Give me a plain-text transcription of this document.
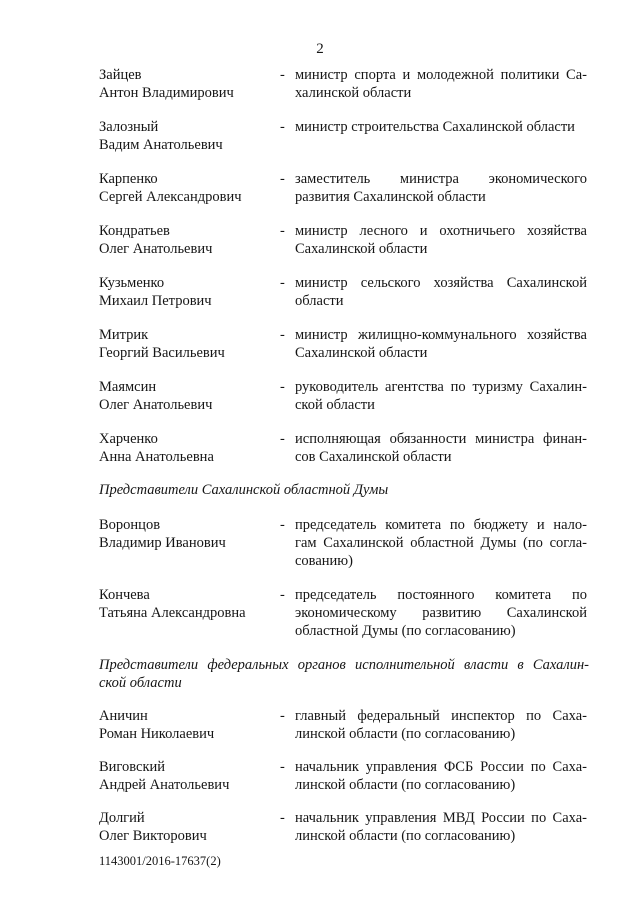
2
Зайцев
Антон Владимирович
- министр спорта и молодежной политики Са-
халинской области
Залозный
Вадим Анатольевич
- министр строительства Сахалинской области
Карпенко
Сергей Александрович
- заместитель министра экономического
развития Сахалинской области
Кондратьев
Олег Анатольевич
- министр лесного и охотничьего хозяйства
Сахалинской области
Кузьменко
Михаил Петрович
- министр сельского хозяйства Сахалинской
области
Митрик
Георгий Васильевич
- министр жилищно-коммунального хозяйства
Сахалинской области
Маямсин
Олег Анатольевич
- руководитель агентства по туризму Сахалин-
ской области
Харченко
Анна Анатольевна
- исполняющая обязанности министра финан-
сов Сахалинской области
Представители Сахалинской областной Думы
Воронцов
Владимир Иванович
- председатель комитета по бюджету и нало-
гам Сахалинской областной Думы (по согла-
сованию)
Кончева
Татьяна Александровна
- председатель постоянного комитета по
экономическому развитию Сахалинской
областной Думы (по согласованию)
Представители федеральных органов исполнительной власти в Сахалин-
ской области
Аничин
Роман Николаевич
- главный федеральный инспектор по Саха-
линской области (по согласованию)
Виговский
Андрей Анатольевич
- начальник управления ФСБ России по Саха-
линской области (по согласованию)
Долгий
Олег Викторович
- начальник управления МВД России по Саха-
линской области (по согласованию)
1143001/2016-17637(2)
